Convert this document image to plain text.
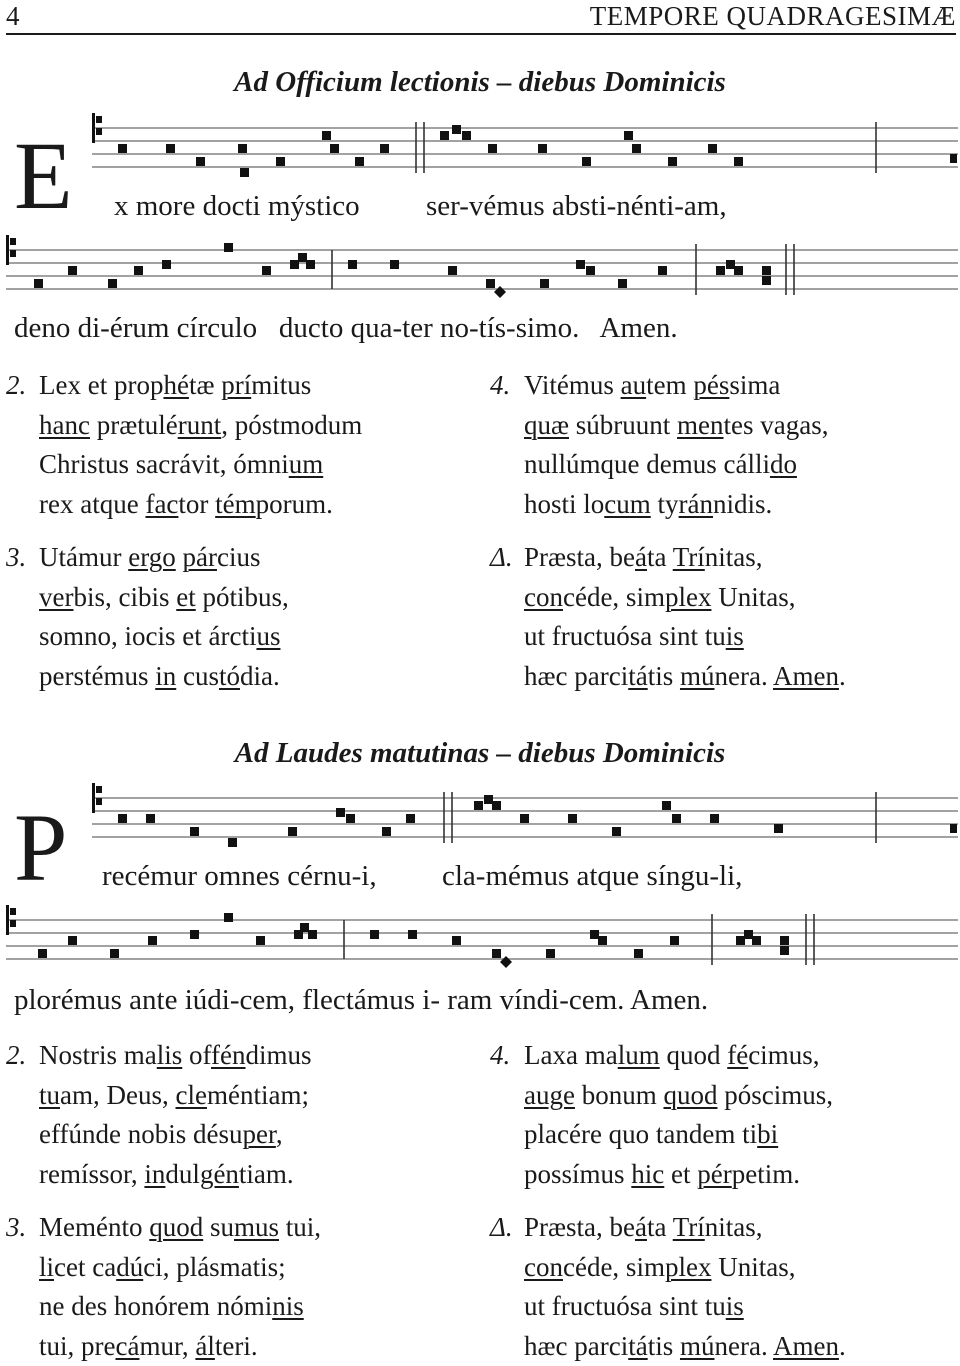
4	TEMPORE QUADRAGESIMÆ
Ad Officium lectionis – diebus Dominicis
E x more docti mýstico ser-vémus absti-nénti-am,
deno di-érum círculo   ducto qua-ter no-tís-simo.   Amen.
2. Lex et prophétæ prímitus
hanc prætulérunt, póstmodum
Christus sacrávit, ómnium
rex atque factor témporum.
3. Utámur ergo párcius
verbis, cibis et pótibus,
somno, iocis et árctius
perstémus in custódia.
4. Vitémus autem péssima
quæ súbruunt mentes vagas,
nullúmque demus cállido
hosti locum tyránnidis.
Δ. Præsta, beáta Trínitas,
concéde, simplex Unitas,
ut fructuósa sint tuis
hæc parcitátis múnera. Amen.
Ad Laudes matutinas – diebus Dominicis
P recémur omnes cérnu-i, cla-mémus atque síngu-li,
plorémus ante iúdi-cem, flectámus i- ram víndi-cem. Amen.
2. Nostris malis offéndimus
tuam, Deus, cleméntiam;
effúnde nobis désuper,
remíssor, indulgéntiam.
3. Meménto quod sumus tui,
licet cadúci, plásmatis;
ne des honórem nóminis
tui, precámur, álteri.
4. Laxa malum quod fécimus,
auge bonum quod póscimus,
placére quo tandem tibi
possímus hic et pérpetim.
Δ. Præsta, beáta Trínitas,
concéde, simplex Unitas,
ut fructuósa sint tuis
hæc parcitátis múnera. Amen.
